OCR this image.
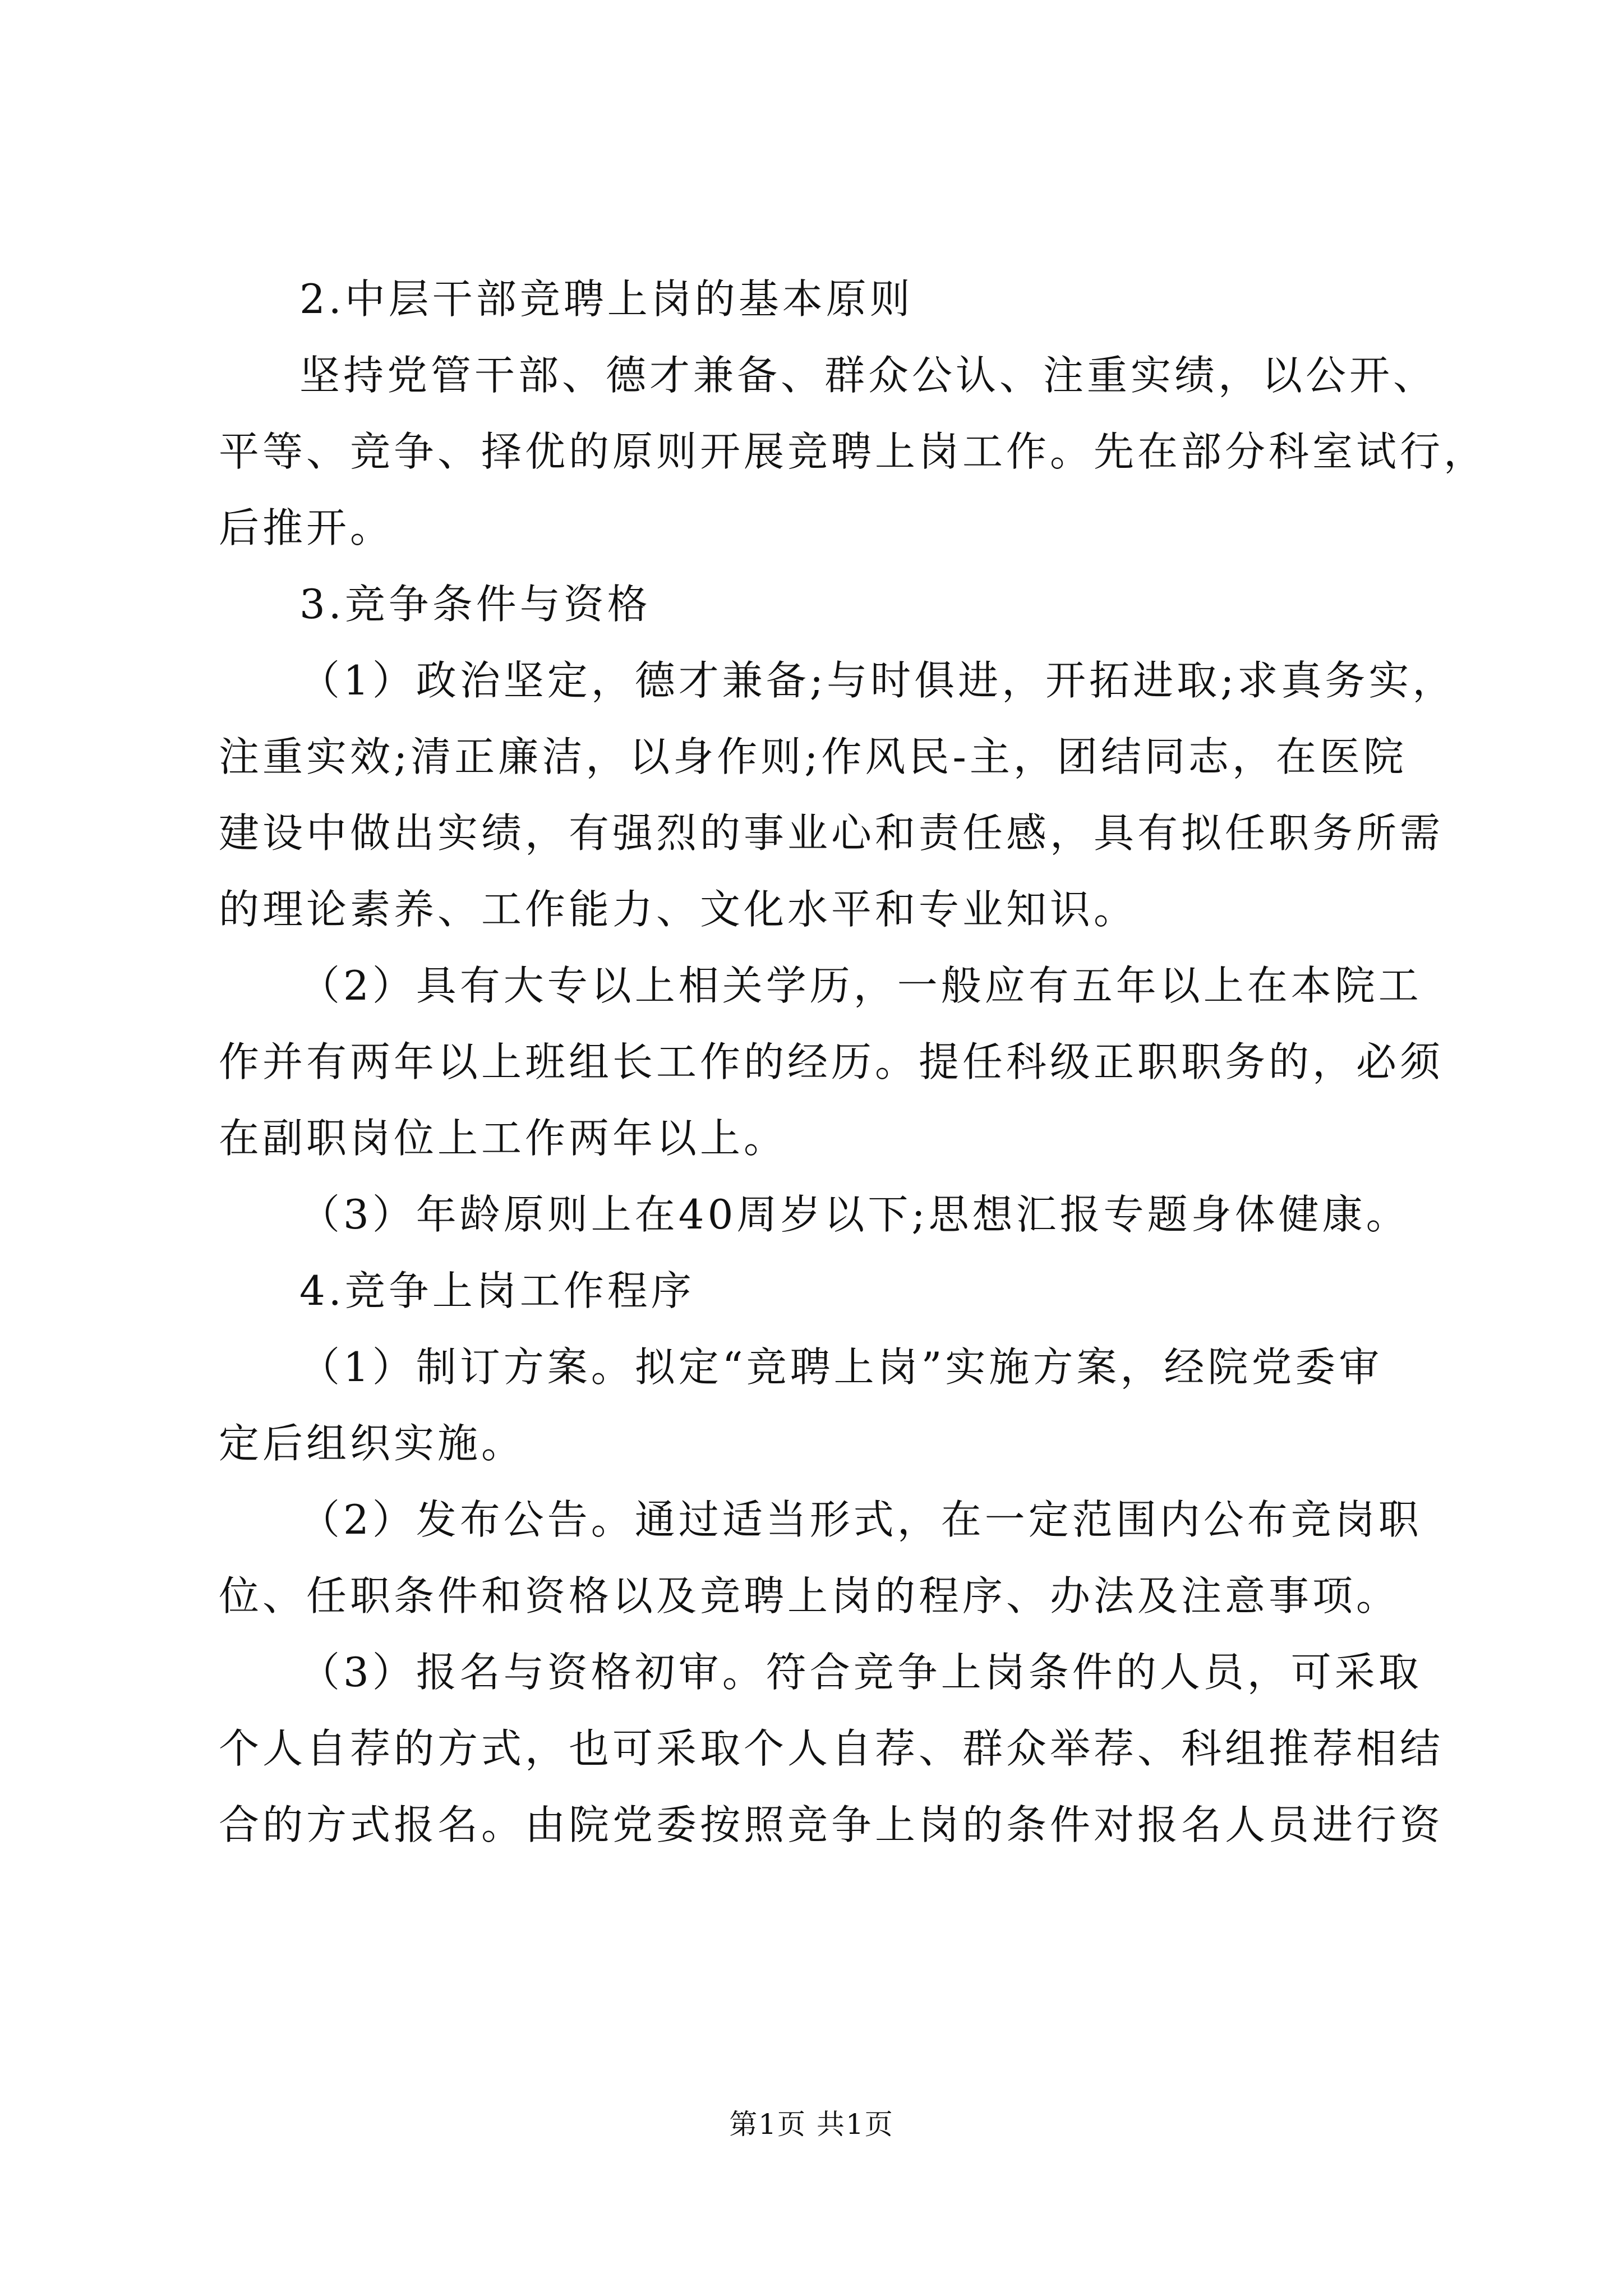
2.中层干部竞聘上岗的基本原则
坚持党管干部、德才兼备、群众公认、注重实绩，以公开、
平等、竞争、择优的原则开展竞聘上岗工作。先在部分科室试行，
后推开。
3.竞争条件与资格
（1）政治坚定，德才兼备;与时俱进，开拓进取;求真务实，
注重实效;清正廉洁，以身作则;作风民-主，团结同志，在医院
建设中做出实绩，有强烈的事业心和责任感，具有拟任职务所需
的理论素养、工作能力、文化水平和专业知识。
（2）具有大专以上相关学历，一般应有五年以上在本院工
作并有两年以上班组长工作的经历。提任科级正职职务的，必须
在副职岗位上工作两年以上。
（3）年龄原则上在40周岁以下;思想汇报专题身体健康。
4.竞争上岗工作程序
（1）制订方案。拟定“竞聘上岗”实施方案，经院党委审
定后组织实施。
（2）发布公告。通过适当形式，在一定范围内公布竞岗职
位、任职条件和资格以及竞聘上岗的程序、办法及注意事项。
（3）报名与资格初审。符合竞争上岗条件的人员，可采取
个人自荐的方式，也可采取个人自荐、群众举荐、科组推荐相结
合的方式报名。由院党委按照竞争上岗的条件对报名人员进行资
第1页 共1页
